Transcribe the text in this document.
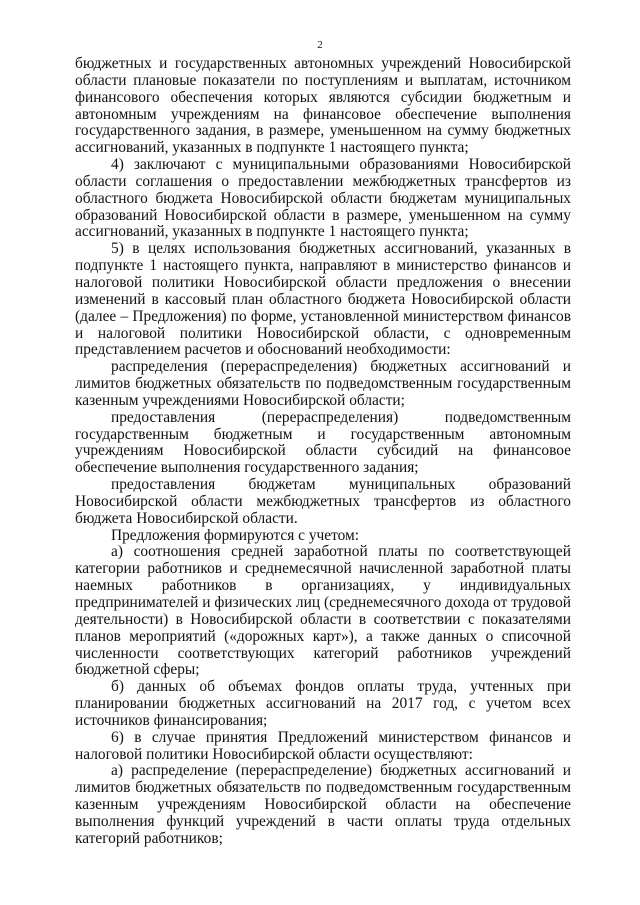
2

бюджетных и государственных автономных учреждений Новосибирской области плановые показатели по поступлениям и выплатам, источником финансового обеспечения которых являются субсидии бюджетным и автономным учреждениям на финансовое обеспечение выполнения государственного задания, в размере, уменьшенном на сумму бюджетных ассигнований, указанных в подпункте 1 настоящего пункта;

4) заключают с муниципальными образованиями Новосибирской области соглашения о предоставлении межбюджетных трансфертов из областного бюджета Новосибирской области бюджетам муниципальных образований Новосибирской области в размере, уменьшенном на сумму ассигнований, указанных в подпункте 1 настоящего пункта;

5) в целях использования бюджетных ассигнований, указанных в подпункте 1 настоящего пункта, направляют в министерство финансов и налоговой политики Новосибирской области предложения о внесении изменений в кассовый план областного бюджета Новосибирской области (далее – Предложения) по форме, установленной министерством финансов и налоговой политики Новосибирской области, с одновременным представлением расчетов и обоснований необходимости:

распределения (перераспределения) бюджетных ассигнований и лимитов бюджетных обязательств по подведомственным государственным казенным учреждениями Новосибирской области;

предоставления (перераспределения) подведомственным государственным бюджетным и государственным автономным учреждениям Новосибирской области субсидий на финансовое обеспечение выполнения государственного задания;

предоставления бюджетам муниципальных образований Новосибирской области межбюджетных трансфертов из областного бюджета Новосибирской области.

Предложения формируются с учетом:

а) соотношения средней заработной платы по соответствующей категории работников и среднемесячной начисленной заработной платы наемных работников в организациях, у индивидуальных предпринимателей и физических лиц (среднемесячного дохода от трудовой деятельности) в Новосибирской области в соответствии с показателями планов мероприятий («дорожных карт»), а также данных о списочной численности соответствующих категорий работников учреждений бюджетной сферы;

б) данных об объемах фондов оплаты труда, учтенных при планировании бюджетных ассигнований на 2017 год, с учетом всех источников финансирования;

6) в случае принятия Предложений министерством финансов и налоговой политики Новосибирской области осуществляют:

а) распределение (перераспределение) бюджетных ассигнований и лимитов бюджетных обязательств по подведомственным государственным казенным учреждениям Новосибирской области на обеспечение выполнения функций учреждений в части оплаты труда отдельных категорий работников;
